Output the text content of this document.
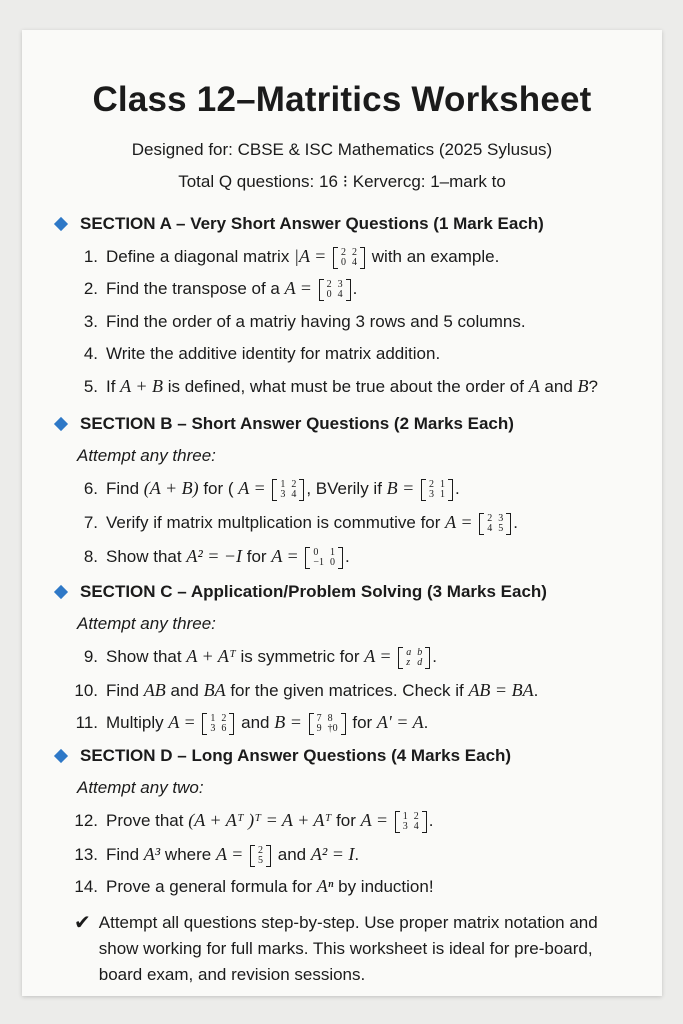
Class 12–Matritics Worksheet
Designed for: CBSE & ISC Mathematics (2025 Sylusus)
Total Q questions: 16 ⁝ Kervercg: 1–mark to
SECTION A – Very Short Answer Questions (1 Mark Each)
1. Define a diagonal matrix |A = 2 2
0 4 with an example.
2. Find the transpose of a A = 2 3
0 4 .
3. Find the order of a matriy having 3 rows and 5 columns.
4. Write the additive identity for matrix addition.
5. If A + B is defined, what must be true about the order of A and B?
SECTION B – Short Answer Questions (2 Marks Each)
Attempt any three:
6. Find (A + B) for ( A = 1 2
3 4 , BVerily if B = 2 1
3 1 .
7. Verify if matrix multplication is commutive for A = 2 3
4 5 .
8. Show that A² = −I for A = 0	1
−1 0 .
SECTION C – Application/Problem Solving (3 Marks Each)
Attempt any three:
9. Show that A + Aᵀ is symmetric for A = a b
z d .
10. Find AB and BA for the given matrices. Check if AB = BA.
11. Multiply A = 1 2
3 6 and B = 7 8
9 †0 for A' = A.
SECTION D – Long Answer Questions (4 Marks Each)
Attempt any two:
12. Prove that (A + Aᵀ )ᵀ = A + Aᵀ for A = 1 2
3 4 .
13. Find A³ where A = 2
5 and A² = I.
14. Prove a general formula for Aⁿ by induction!
✔ Attempt all questions step-by-step. Use proper matrix notation and show working for full marks. This worksheet is ideal for pre-board, board exam, and revision sessions.
